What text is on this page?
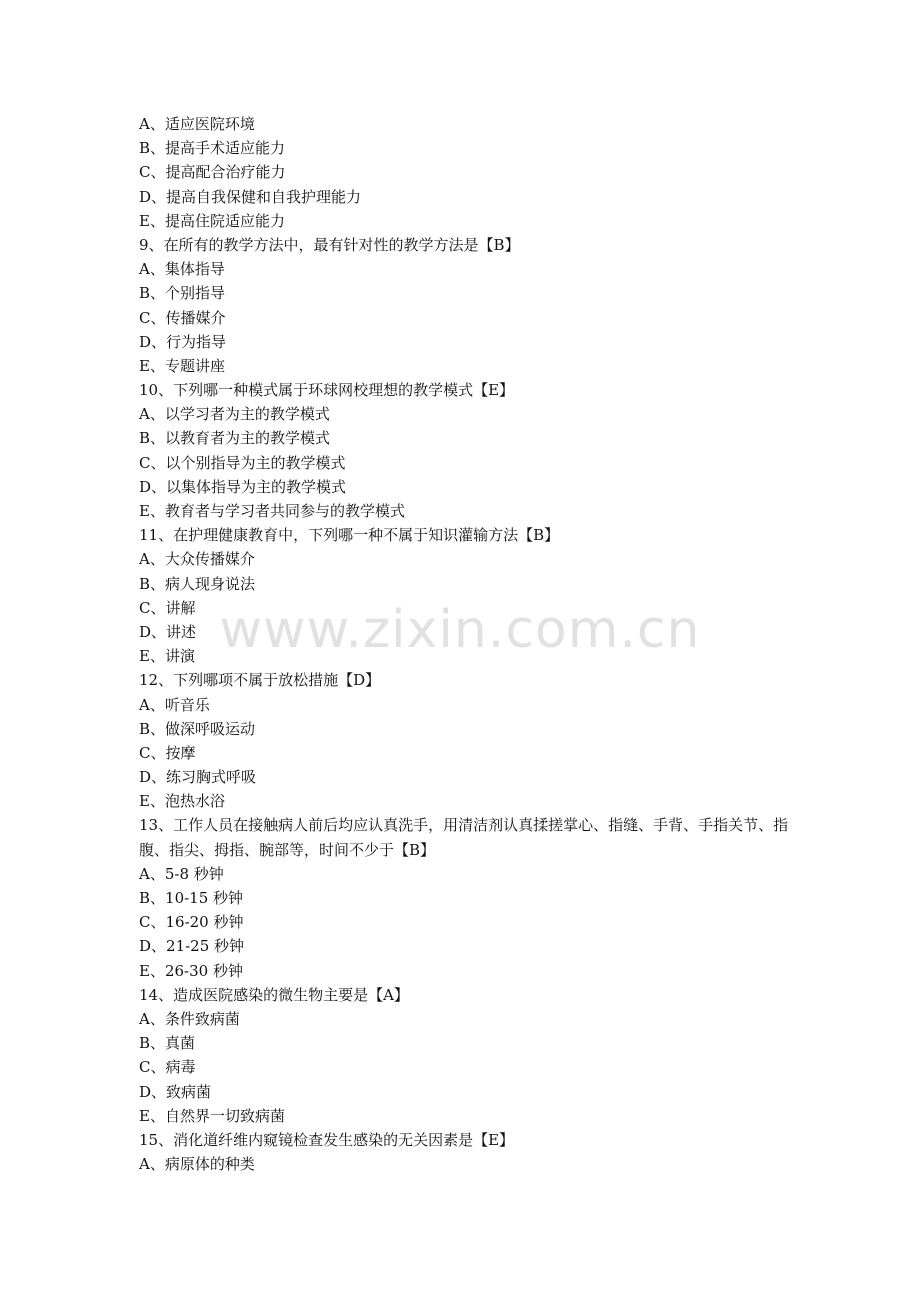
A、适应医院环境
B、提高手术适应能力
C、提高配合治疗能力
D、提高自我保健和自我护理能力
E、提高住院适应能力
9、在所有的教学方法中，最有针对性的教学方法是【B】
A、集体指导
B、个别指导
C、传播媒介
D、行为指导
E、专题讲座
10、下列哪一种模式属于环球网校理想的教学模式【E】
A、以学习者为主的教学模式
B、以教育者为主的教学模式
C、以个别指导为主的教学模式
D、以集体指导为主的教学模式
E、教育者与学习者共同参与的教学模式
11、在护理健康教育中，下列哪一种不属于知识灌输方法【B】
A、大众传播媒介
B、病人现身说法
C、讲解
D、讲述
E、讲演
12、下列哪项不属于放松措施【D】
A、听音乐
B、做深呼吸运动
C、按摩
D、练习胸式呼吸
E、泡热水浴
13、工作人员在接触病人前后均应认真洗手，用清洁剂认真揉搓掌心、指缝、手背、手指关节、指腹、指尖、拇指、腕部等，时间不少于【B】
A、5-8 秒钟
B、10-15 秒钟
C、16-20 秒钟
D、21-25 秒钟
E、26-30 秒钟
14、造成医院感染的微生物主要是【A】
A、条件致病菌
B、真菌
C、病毒
D、致病菌
E、自然界一切致病菌
15、消化道纤维内窥镜检查发生感染的无关因素是【E】
A、病原体的种类
www.zixin.com.cn
